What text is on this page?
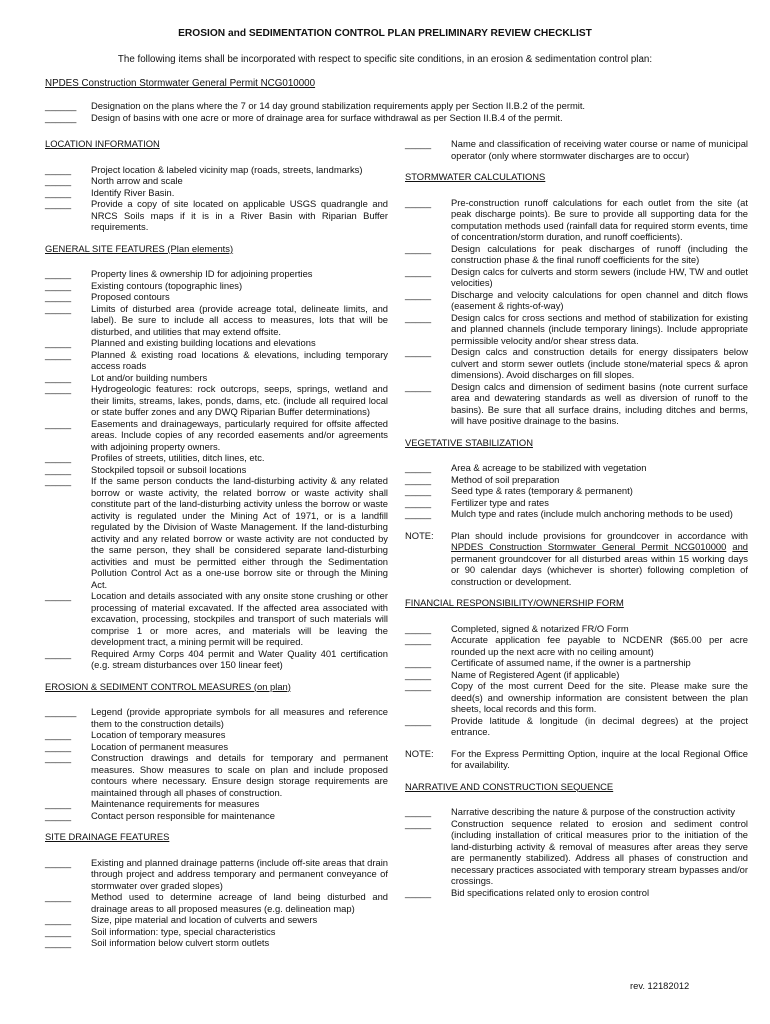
EROSION and SEDIMENTATION CONTROL PLAN PRELIMINARY REVIEW CHECKLIST
The following items shall be incorporated with respect to specific site conditions, in an erosion & sedimentation control plan:
NPDES Construction Stormwater General Permit NCG010000
______	Designation on the plans where the 7 or 14 day ground stabilization requirements apply per Section II.B.2 of the permit.
______	Design of basins with one acre or more of drainage area for surface withdrawal as per Section II.B.4 of the permit.
LOCATION INFORMATION
_____	Project location & labeled vicinity map (roads, streets, landmarks)
_____	North arrow and scale
_____	Identify River Basin.
_____	Provide a copy of site located on applicable USGS quadrangle and NRCS Soils maps if it is in a River Basin with Riparian Buffer requirements.
GENERAL SITE FEATURES (Plan elements)
_____	Property lines & ownership ID for adjoining properties
_____	Existing contours (topographic lines)
_____	Proposed contours
_____	Limits of disturbed area (provide acreage total, delineate limits, and label). Be sure to include all access to measures, lots that will be disturbed, and utilities that may extend offsite.
_____	Planned and existing building locations and elevations
_____	Planned & existing road locations & elevations, including temporary access roads
_____	Lot and/or building numbers
_____	Hydrogeologic features: rock outcrops, seeps, springs, wetland and their limits, streams, lakes, ponds, dams, etc. (include all required local or state buffer zones and any DWQ Riparian Buffer determinations)
_____	Easements and drainageways, particularly required for offsite affected areas. Include copies of any recorded easements and/or agreements with adjoining property owners.
_____	Profiles of streets, utilities, ditch lines, etc.
_____	Stockpiled topsoil or subsoil locations
_____	If the same person conducts the land-disturbing activity & any related borrow or waste activity, the related borrow or waste activity shall constitute part of the land-disturbing activity unless the borrow or waste activity is regulated under the Mining Act of 1971, or is a landfill regulated by the Division of Waste Management. If the land-disturbing activity and any related borrow or waste activity are not conducted by the same person, they shall be considered separate land-disturbing activities and must be permitted either through the Sedimentation Pollution Control Act as a one-use borrow site or through the Mining Act.
_____	Location and details associated with any onsite stone crushing or other processing of material excavated. If the affected area associated with excavation, processing, stockpiles and transport of such materials will comprise 1 or more acres, and materials will be leaving the development tract, a mining permit will be required.
_____	Required Army Corps 404 permit and Water Quality 401 certification (e.g. stream disturbances over 150 linear feet)
EROSION & SEDIMENT CONTROL MEASURES (on plan)
______	Legend (provide appropriate symbols for all measures and reference them to the construction details)
_____	Location of temporary measures
_____	Location of permanent measures
_____	Construction drawings and details for temporary and permanent measures. Show measures to scale on plan and include proposed contours where necessary. Ensure design storage requirements are maintained through all phases of construction.
_____	Maintenance requirements for measures
_____	Contact person responsible for maintenance
SITE DRAINAGE FEATURES
_____	Existing and planned drainage patterns (include off-site areas that drain through project and address temporary and permanent conveyance of stormwater over graded slopes)
_____	Method used to determine acreage of land being disturbed and drainage areas to all proposed measures (e.g. delineation map)
_____	Size, pipe material and location of culverts and sewers
_____	Soil information: type, special characteristics
_____	Soil information below culvert storm outlets
_____	Name and classification of receiving water course or name of municipal operator (only where stormwater discharges are to occur)
STORMWATER CALCULATIONS
_____	Pre-construction runoff calculations for each outlet from the site (at peak discharge points). Be sure to provide all supporting data for the computation methods used (rainfall data for required storm events, time of concentration/storm duration, and runoff coefficients).
_____	Design calculations for peak discharges of runoff (including the construction phase & the final runoff coefficients for the site)
_____	Design calcs for culverts and storm sewers (include HW, TW and outlet velocities)
_____	Discharge and velocity calculations for open channel and ditch flows (easement & rights-of-way)
_____	Design calcs for cross sections and method of stabilization for existing and planned channels (include temporary linings). Include appropriate permissible velocity and/or shear stress data.
_____	Design calcs and construction details for energy dissipaters below culvert and storm sewer outlets (include stone/material specs & apron dimensions). Avoid discharges on fill slopes.
_____	Design calcs and dimension of sediment basins (note current surface area and dewatering standards as well as diversion of runoff to the basins). Be sure that all surface drains, including ditches and berms, will have positive drainage to the basins.
VEGETATIVE STABILIZATION
_____	Area & acreage to be stabilized with vegetation
_____	Method of soil preparation
_____	Seed type & rates (temporary & permanent)
_____	Fertilizer type and rates
_____	Mulch type and rates (include mulch anchoring methods to be used)
NOTE:	Plan should include provisions for groundcover in accordance with NPDES Construction Stormwater General Permit NCG010000 and permanent groundcover for all disturbed areas within 15 working days or 90 calendar days (whichever is shorter) following completion of construction or development.
FINANCIAL RESPONSIBILITY/OWNERSHIP FORM
_____	Completed, signed & notarized FR/O Form
_____	Accurate application fee payable to NCDENR ($65.00 per acre rounded up the next acre with no ceiling amount)
_____	Certificate of assumed name, if the owner is a partnership
_____	Name of Registered Agent (if applicable)
_____	Copy of the most current Deed for the site. Please make sure the deed(s) and ownership information are consistent between the plan sheets, local records and this form.
_____	Provide latitude & longitude (in decimal degrees) at the project entrance.
NOTE:	For the Express Permitting Option, inquire at the local Regional Office for availability.
NARRATIVE AND CONSTRUCTION SEQUENCE
_____	Narrative describing the nature & purpose of the construction activity
_____	Construction sequence related to erosion and sediment control (including installation of critical measures prior to the initiation of the land-disturbing activity & removal of measures after areas they serve are permanently stabilized). Address all phases of construction and necessary practices associated with temporary stream bypasses and/or crossings.
_____	Bid specifications related only to erosion control
rev. 12182012
